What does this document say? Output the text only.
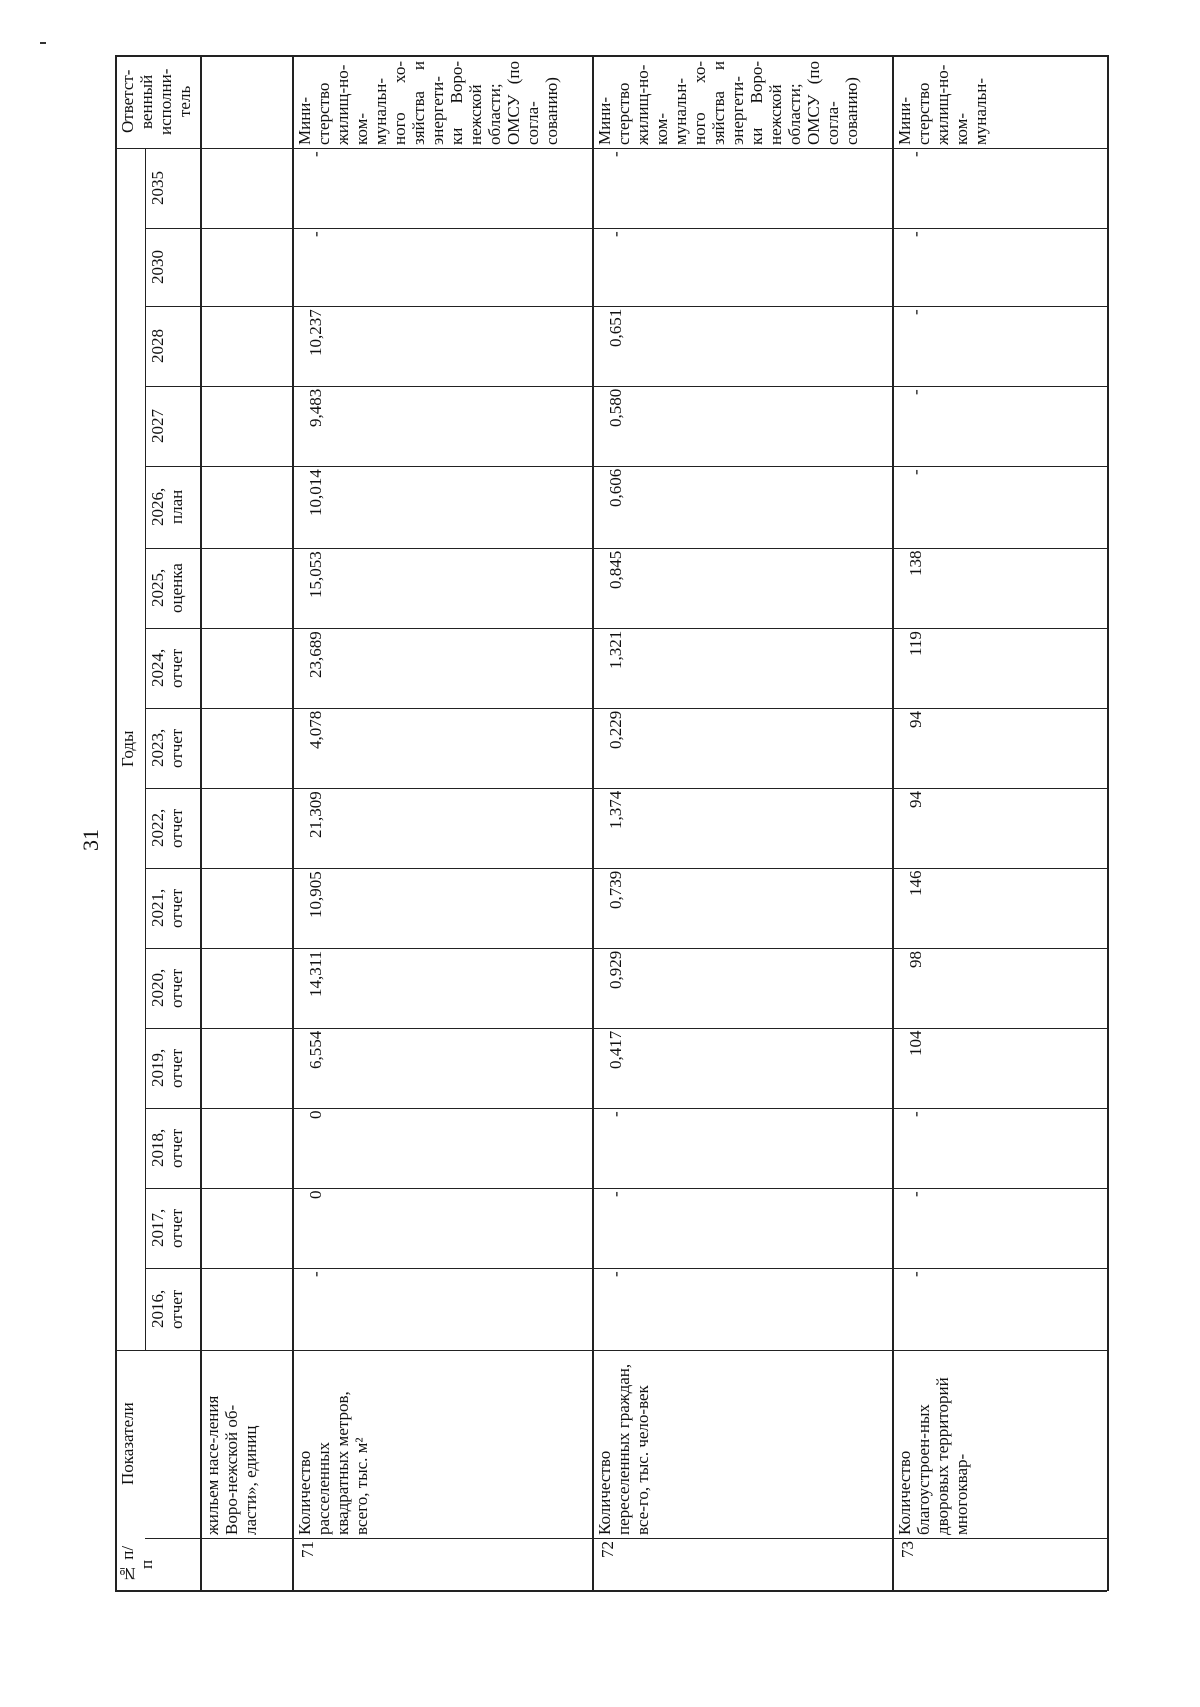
31
Ответст-венный исполни-тель
Годы
2016, отчет
2017, отчет
2018, отчет
2019, отчет
2020, отчет
2021, отчет
2022, отчет
2023, отчет
2024, отчет
2025, оценка
2026, план
2027
2028
2030
2035
Показатели
№ п/п
жильем насе-ления Воро-нежской об-ласти», единиц
71
Количество расселенных квадратных метров, всего, тыс. м²
-
0
0
6,554
14,311
10,905
21,309
4,078
23,689
15,053
10,014
9,483
10,237
-
-
Мини-стерство жилищ-но-ком-мунальн-ного хо-зяйства и энергети-ки Воро-нежской области; ОМСУ (по согла-сованию)
72
Количество переселенных граждан, все-го, тыс. чело-век
-
-
-
0,417
0,929
0,739
1,374
0,229
1,321
0,845
0,606
0,580
0,651
-
-
Мини-стерство жилищ-но-ком-мунальн-ного хо-зяйства и энергети-ки Воро-нежской области; ОМСУ (по согла-сованию)
73
Количество благоустроен-ных дворовых территорий многоквар-
-
-
-
104
98
146
94
94
119
138
-
-
-
-
-
Мини-стерство жилищ-но-ком-мунальн-
